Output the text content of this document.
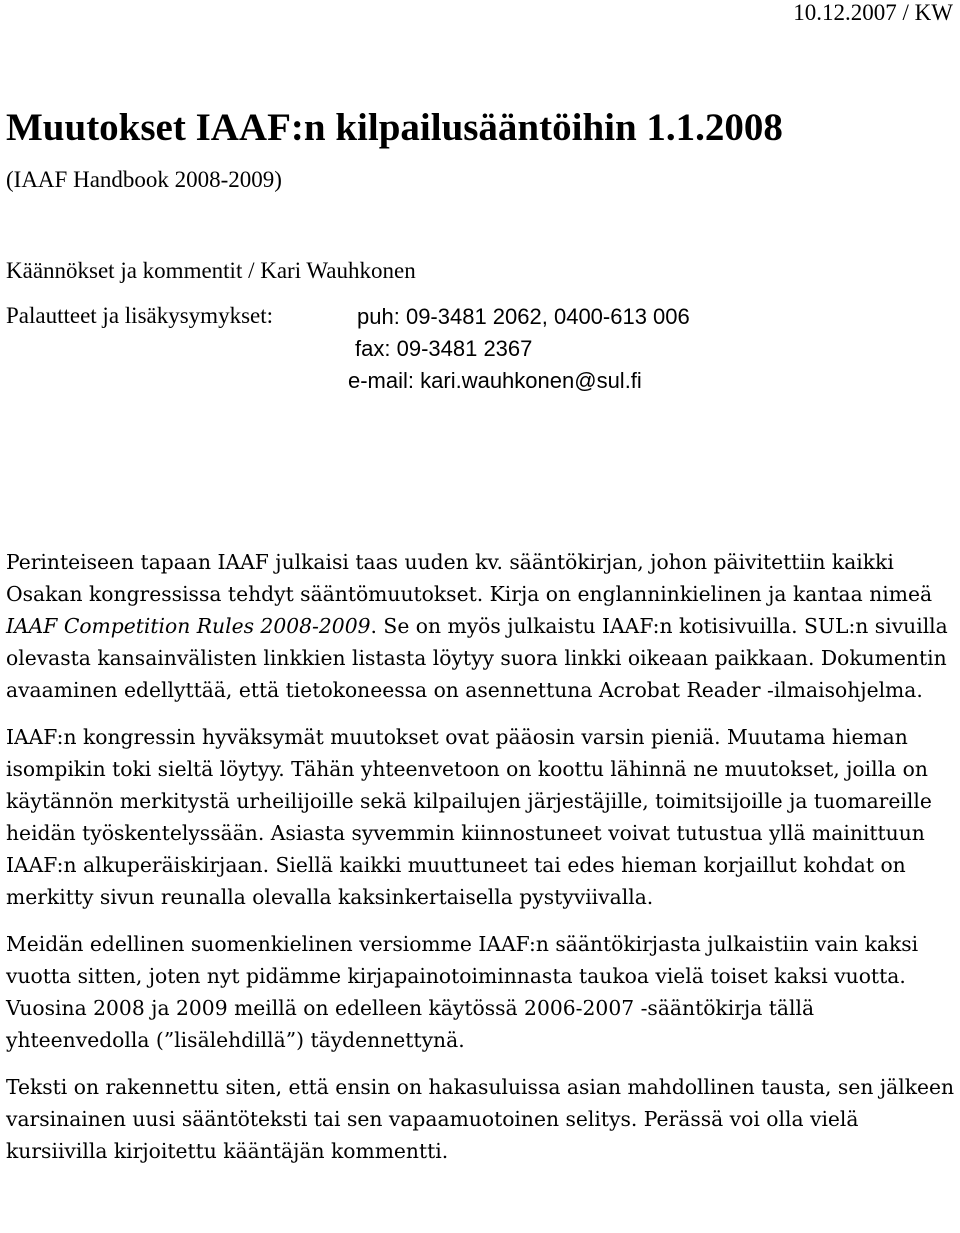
10.12.2007 / KW
Muutokset IAAF:n kilpailusääntöihin 1.1.2008
(IAAF Handbook 2008-2009)
Käännökset ja kommentit / Kari Wauhkonen
Palautteet ja lisäkysymykset:	puh: 09-3481 2062, 0400-613 006
fax: 09-3481 2367
e-mail: kari.wauhkonen@sul.fi

Perinteiseen tapaan IAAF julkaisi taas uuden kv. sääntökirjan, johon päivitettiin kaikki Osakan kongressissa tehdyt sääntömuutokset. Kirja on englanninkielinen ja kantaa nimeä IAAF Competition Rules 2008-2009. Se on myös julkaistu IAAF:n kotisivuilla. SUL:n sivuilla olevasta kansainvälisten linkkien listasta löytyy suora linkki oikeaan paikkaan. Dokumentin avaaminen edellyttää, että tietokoneessa on asennettuna Acrobat Reader -ilmaisohjelma.

IAAF:n kongressin hyväksymät muutokset ovat pääosin varsin pieniä. Muutama hieman isompikin toki sieltä löytyy. Tähän yhteenvetoon on koottu lähinnä ne muutokset, joilla on käytännön merkitystä urheilijoille sekä kilpailujen järjestäjille, toimitsijoille ja tuomareille heidän työskentelyssään. Asiasta syvemmin kiinnostuneet voivat tutustua yllä mainittuun IAAF:n alkuperäiskirjaan. Siellä kaikki muuttuneet tai edes hieman korjaillut kohdat on merkitty sivun reunalla olevalla kaksinkertaisella pystyviivalla.

Meidän edellinen suomenkielinen versiomme IAAF:n sääntökirjasta julkaistiin vain kaksi vuotta sitten, joten nyt pidämme kirjapainotoiminnasta taukoa vielä toiset kaksi vuotta. Vuosina 2008 ja 2009 meillä on edelleen käytössä 2006-2007 -sääntökirja tällä yhteenvedolla (”lisälehdillä”) täydennettynä.

Teksti on rakennettu siten, että ensin on hakasuluissa asian mahdollinen tausta, sen jälkeen varsinainen uusi sääntöteksti tai sen vapaamuotoinen selitys. Perässä voi olla vielä kursiivilla kirjoitettu kääntäjän kommentti.
